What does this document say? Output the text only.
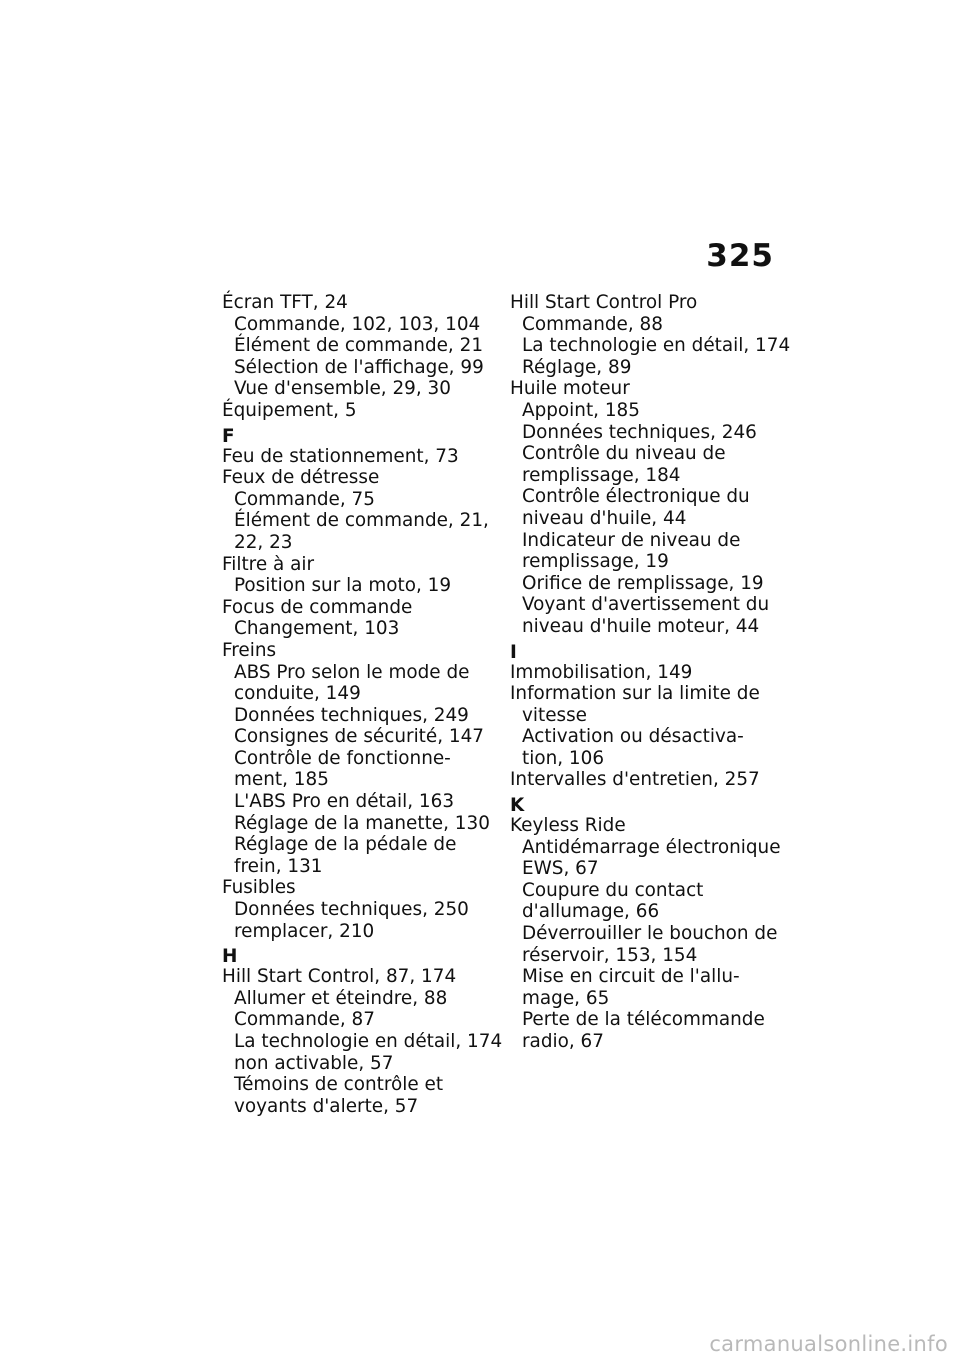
325
Écran TFT, 24
Commande, 102, 103, 104
Élément de commande, 21
Sélection de l'affichage, 99
Vue d'ensemble, 29, 30
Équipement, 5
F
Feu de stationnement, 73
Feux de détresse
Commande, 75
Élément de commande, 21,
22, 23
Filtre à air
Position sur la moto, 19
Focus de commande
Changement, 103
Freins
ABS Pro selon le mode de
conduite, 149
Données techniques, 249
Consignes de sécurité, 147
Contrôle de fonctionne-
ment, 185
L'ABS Pro en détail, 163
Réglage de la manette, 130
Réglage de la pédale de
frein, 131
Fusibles
Données techniques, 250
remplacer, 210
H
Hill Start Control, 87, 174
Allumer et éteindre, 88
Commande, 87
La technologie en détail, 174
non activable, 57
Témoins de contrôle et
voyants d'alerte, 57
Hill Start Control Pro
Commande, 88
La technologie en détail, 174
Réglage, 89
Huile moteur
Appoint, 185
Données techniques, 246
Contrôle du niveau de
remplissage, 184
Contrôle électronique du
niveau d'huile, 44
Indicateur de niveau de
remplissage, 19
Orifice de remplissage, 19
Voyant d'avertissement du
niveau d'huile moteur, 44
I
Immobilisation, 149
Information sur la limite de
vitesse
Activation ou désactiva-
tion, 106
Intervalles d'entretien, 257
K
Keyless Ride
Antidémarrage électronique
EWS, 67
Coupure du contact
d'allumage, 66
Déverrouiller le bouchon de
réservoir, 153, 154
Mise en circuit de l'allu-
mage, 65
Perte de la télécommande
radio, 67
carmanualsonline.info
